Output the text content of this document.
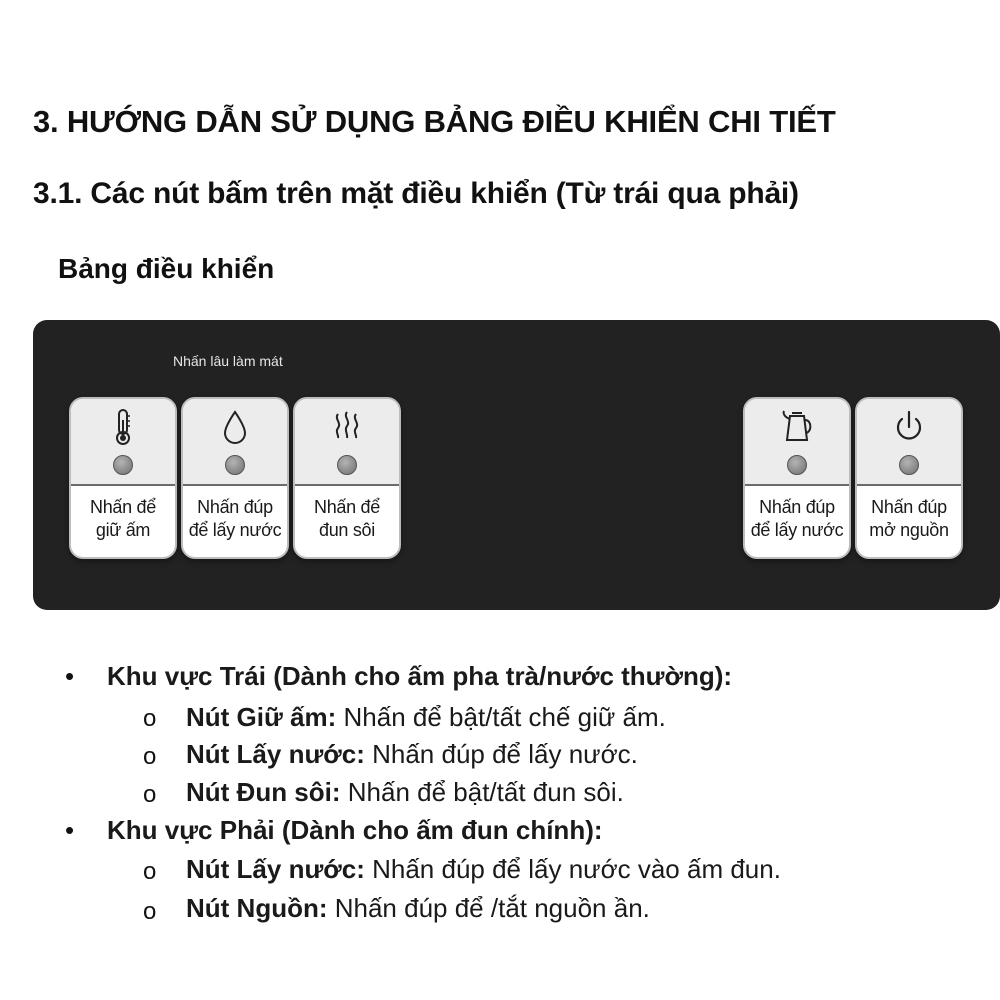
3. HƯỚNG DẪN SỬ DỤNG BẢNG ĐIỀU KHIỂN CHI TIẾT
3.1. Các nút bấm trên mặt điều khiển (Từ trái qua phải)
Bảng điều khiển
Nhấn lâu làm mát
Nhấn để
giữ ấm
Nhấn đúp
để lấy nước
Nhấn để
đun sôi
Nhấn đúp
để lấy nước
Nhấn đúp
mở nguồn
• Khu vực Trái (Dành cho ấm pha trà/nước thường):
o Nút Giữ ấm: Nhấn để bật/tất chế giữ ấm.
o Nút Lấy nước: Nhấn đúp để lấy nước.
o Nút Đun sôi: Nhấn để bật/tất đun sôi.
• Khu vực Phải (Dành cho ấm đun chính):
o Nút Lấy nước: Nhấn đúp để lấy nước vào ấm đun.
o Nút Nguồn: Nhấn đúp để /tắt nguồn ần.
